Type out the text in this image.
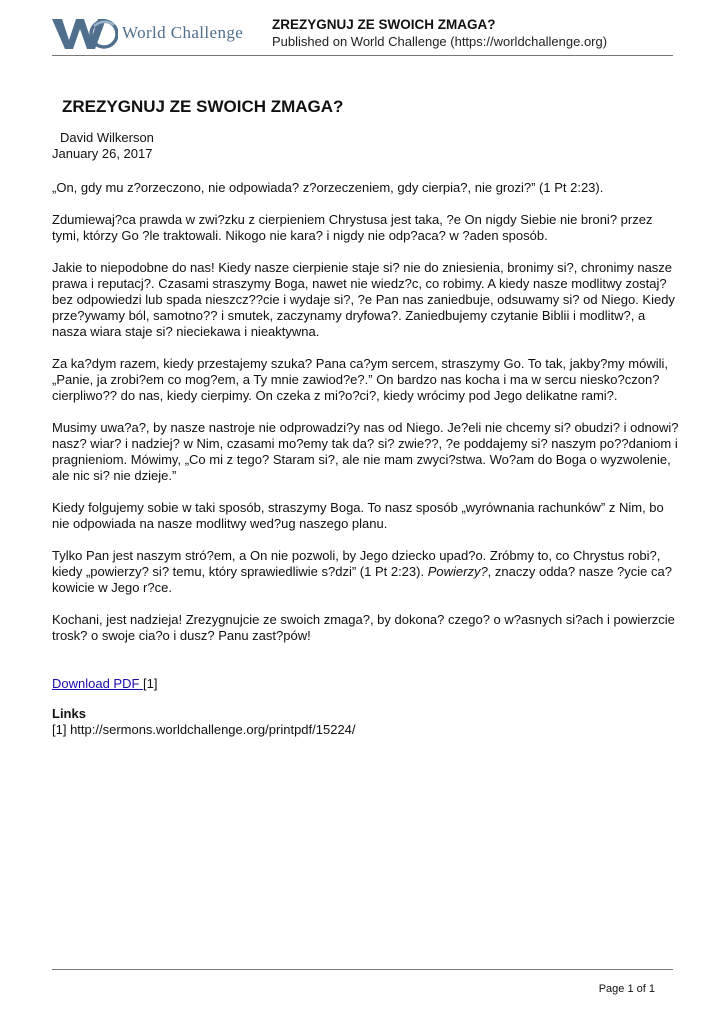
World Challenge ZREZYGNUJ ZE SWOICH ZMAGA?
Published on World Challenge (https://worldchallenge.org)
ZREZYGNUJ ZE SWOICH ZMAGA?
David Wilkerson
January 26, 2017

„On, gdy mu z?orzeczono, nie odpowiada? z?orzeczeniem, gdy cierpia?, nie grozi?” (1 Pt 2:23).

Zdumiewaj?ca prawda w zwi?zku z cierpieniem Chrystusa jest taka, ?e On nigdy Siebie nie broni? przez tymi, którzy Go ?le traktowali. Nikogo nie kara? i nigdy nie odp?aca? w ?aden sposób.

Jakie to niepodobne do nas! Kiedy nasze cierpienie staje si? nie do zniesienia, bronimy si?, chronimy nasze prawa i reputacj?. Czasami straszymy Boga, nawet nie wiedz?c, co robimy. A kiedy nasze modlitwy zostaj? bez odpowiedzi lub spada nieszcz??cie i wydaje si?, ?e Pan nas zaniedbuje, odsuwamy si? od Niego. Kiedy prze?ywamy ból, samotno?? i smutek, zaczynamy dryfowa?. Zaniedbujemy czytanie Biblii i modlitw?, a nasza wiara staje si? nieciekawa i nieaktywna.

Za ka?dym razem, kiedy przestajemy szuka? Pana ca?ym sercem, straszymy Go. To tak, jakby?my mówili, „Panie, ja zrobi?em co mog?em, a Ty mnie zawiod?e?.” On bardzo nas kocha i ma w sercu niesko?czon? cierpliwo?? do nas, kiedy cierpimy. On czeka z mi?o?ci?, kiedy wrócimy pod Jego delikatne rami?.

Musimy uwa?a?, by nasze nastroje nie odprowadzi?y nas od Niego. Je?eli nie chcemy si? obudzi? i odnowi? nasz? wiar? i nadziej? w Nim, czasami mo?emy tak da? si? zwie??, ?e poddajemy si? naszym po??daniom i pragnieniom. Mówimy, „Co mi z tego? Staram si?, ale nie mam zwyci?stwa. Wo?am do Boga o wyzwolenie, ale nic si? nie dzieje.”

Kiedy folgujemy sobie w taki sposób, straszymy Boga. To nasz sposób „wyrównania rachunków” z Nim, bo nie odpowiada na nasze modlitwy wed?ug naszego planu.

Tylko Pan jest naszym stró?em, a On nie pozwoli, by Jego dziecko upad?o. Zróbmy to, co Chrystus robi?, kiedy „powierzy? si? temu, który sprawiedliwie s?dzi” (1 Pt 2:23). Powierzy?, znaczy odda? nasze ?ycie ca?kowicie w Jego r?ce.

Kochani, jest nadzieja! Zrezygnujcie ze swoich zmaga?, by dokona? czego? o w?asnych si?ach i powierzcie trosk? o swoje cia?o i dusz? Panu zast?pów!

Download PDF [1]
Links
[1] http://sermons.worldchallenge.org/printpdf/15224/
Page 1 of 1
